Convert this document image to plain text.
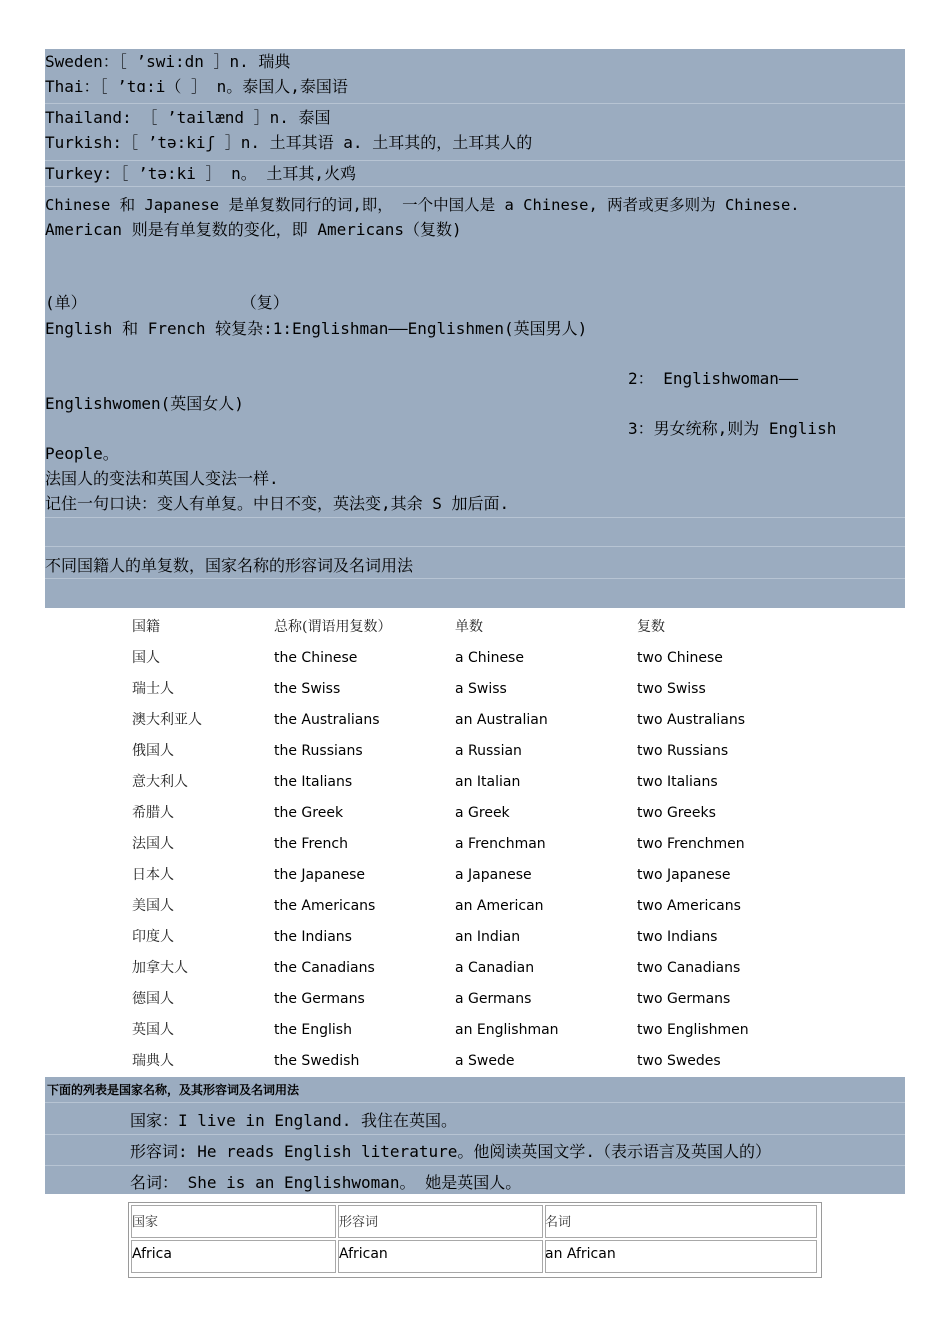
Sweden：［ ’swi:dn ］n. 瑞典
Thai：［ ’tɑ:i（ ］ n。泰国人,泰国语
Thailand: ［ ’tailænd ］n. 泰国
Turkish:［ ’tə:kiʃ ］n. 土耳其语 a. 土耳其的，土耳其人的
Turkey:［ ’tə:ki ］ n。 土耳其,火鸡
Chinese 和 Japanese 是单复数同行的词,即， 一个中国人是 a Chinese, 两者或更多则为 Chinese.
American 则是有单复数的变化，即 Americans（复数)
(单）                （复）
English 和 French 较复杂:1:Englishman——Englishmen(英国男人)
2： Englishwoman——
Englishwomen(英国女人)
3：男女统称,则为 English
People。
法国人的变法和英国人变法一样.
记住一句口诀：变人有单复。中日不变，英法变,其余 S 加后面.
不同国籍人的单复数，国家名称的形容词及名词用法
国籍	总称(谓语用复数）	单数	复数
国人	the Chinese	a Chinese	two Chinese
瑞士人	the Swiss	a Swiss	two Swiss
澳大利亚人	the Australians	an Australian	two Australians
俄国人	the Russians	a Russian	two Russians
意大利人	the Italians	an Italian	two Italians
希腊人	the Greek	a Greek	two Greeks
法国人	the French	a Frenchman	two Frenchmen
日本人	the Japanese	a Japanese	two Japanese
美国人	the Americans	an American	two Americans
印度人	the Indians	an Indian	two Indians
加拿大人	the Canadians	a Canadian	two Canadians
德国人	the Germans	a Germans	two Germans
英国人	the English	an Englishman	two Englishmen
瑞典人	the Swedish	a Swede	two Swedes
下面的列表是国家名称，及其形容词及名词用法
国家：I live in England. 我住在英国。
形容词: He reads English literature。他阅读英国文学.（表示语言及英国人的）
名词： She is an Englishwoman。 她是英国人。
国家	形容词	名词
Africa	African	an African
